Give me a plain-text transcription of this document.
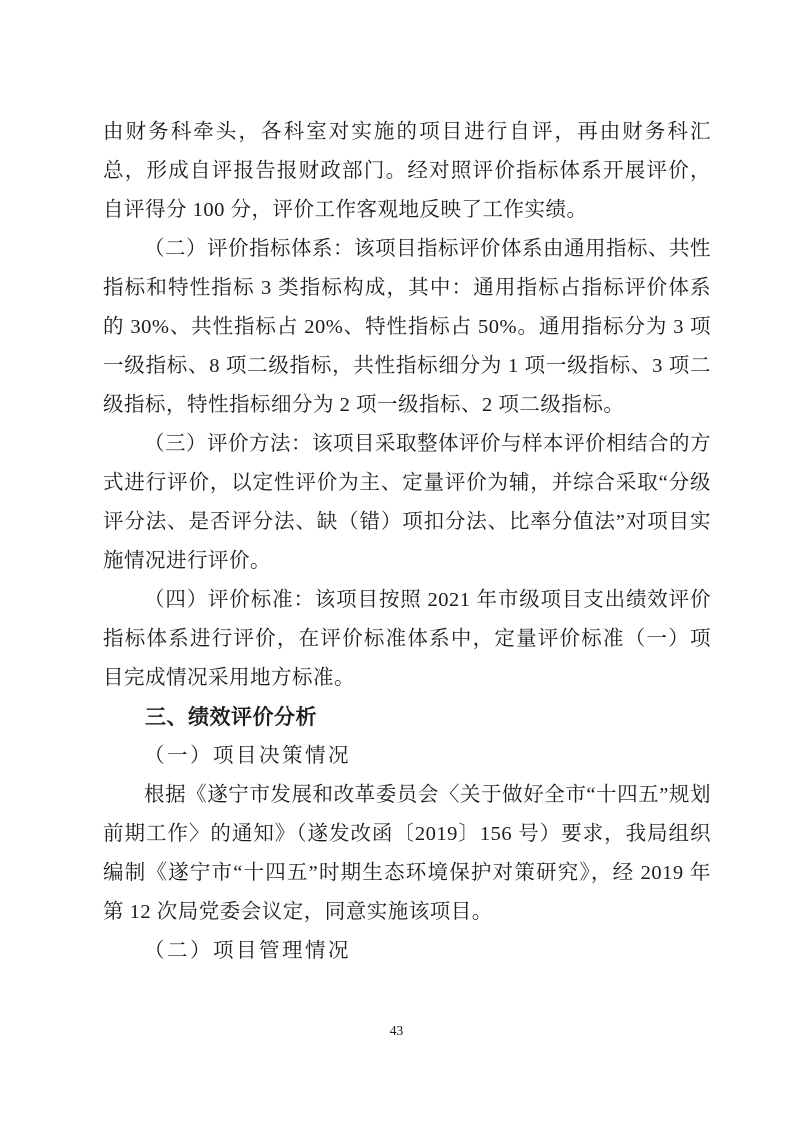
由财务科牵头，各科室对实施的项目进行自评，再由财务科汇总，形成自评报告报财政部门。经对照评价指标体系开展评价，自评得分 100 分，评价工作客观地反映了工作实绩。

（二）评价指标体系：该项目指标评价体系由通用指标、共性指标和特性指标 3 类指标构成，其中：通用指标占指标评价体系的 30%、共性指标占 20%、特性指标占 50%。通用指标分为 3 项一级指标、8 项二级指标，共性指标细分为 1 项一级指标、3 项二级指标，特性指标细分为 2 项一级指标、2 项二级指标。

（三）评价方法：该项目采取整体评价与样本评价相结合的方式进行评价，以定性评价为主、定量评价为辅，并综合采取“分级评分法、是否评分法、缺（错）项扣分法、比率分值法”对项目实施情况进行评价。

（四）评价标准：该项目按照 2021 年市级项目支出绩效评价指标体系进行评价，在评价标准体系中，定量评价标准（一）项目完成情况采用地方标准。

三、绩效评价分析

（一）项目决策情况

根据《遂宁市发展和改革委员会〈关于做好全市“十四五”规划前期工作〉的通知》（遂发改函〔2019〕156 号）要求，我局组织编制《遂宁市“十四五”时期生态环境保护对策研究》，经 2019 年第 12 次局党委会议定，同意实施该项目。

（二）项目管理情况

43
